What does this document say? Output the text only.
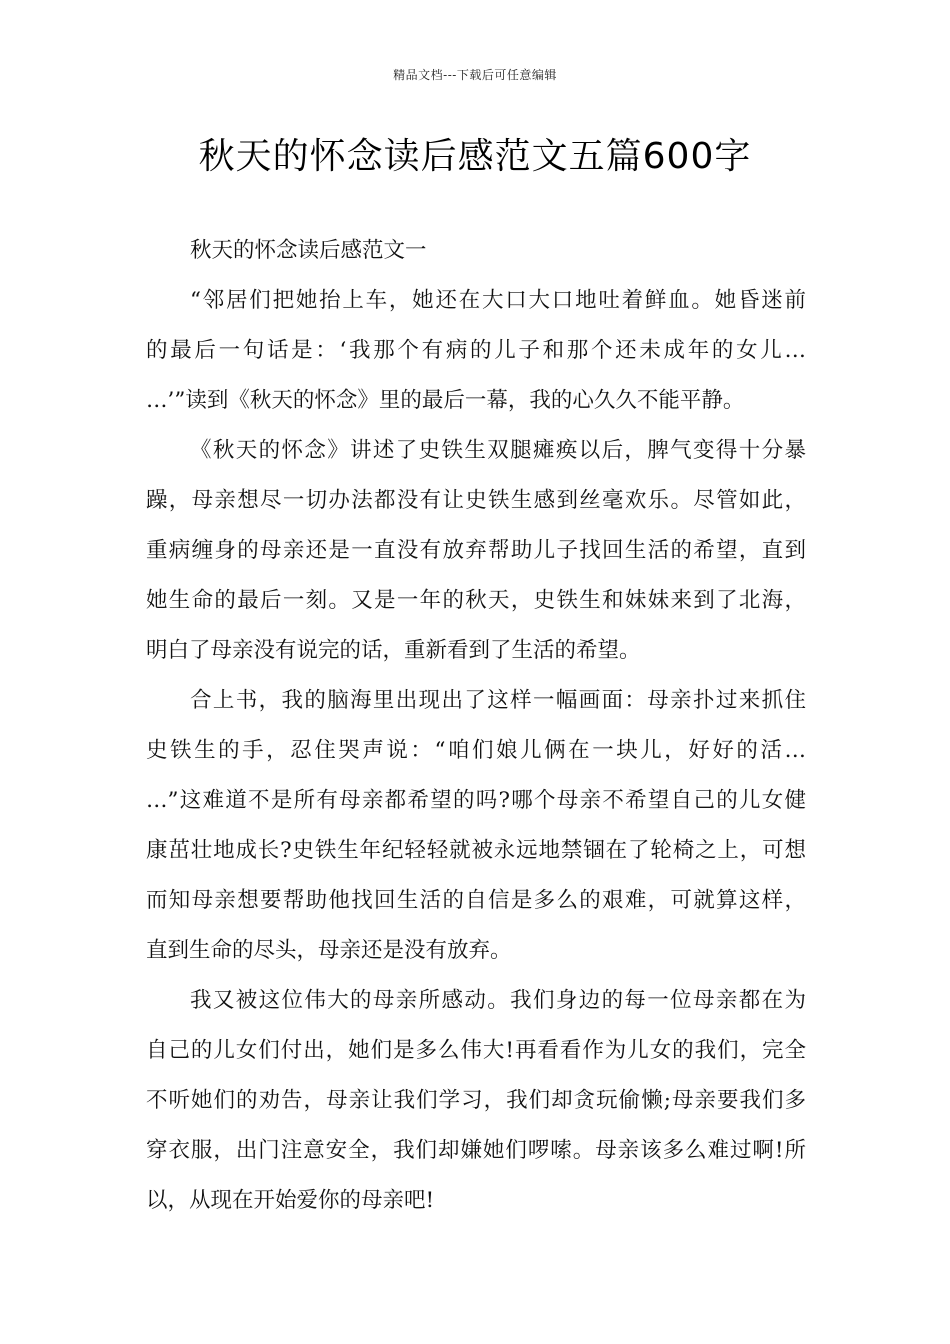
精品文档---下载后可任意编辑
秋天的怀念读后感范文五篇600字

秋天的怀念读后感范文一

“邻居们把她抬上车，她还在大口大口地吐着鲜血。她昏迷前
的最后一句话是：‘我那个有病的儿子和那个还未成年的女儿…
…’”读到《秋天的怀念》里的最后一幕，我的心久久不能平静。

《秋天的怀念》讲述了史铁生双腿瘫痪以后，脾气变得十分暴
躁，母亲想尽一切办法都没有让史铁生感到丝毫欢乐。尽管如此，
重病缠身的母亲还是一直没有放弃帮助儿子找回生活的希望，直到
她生命的最后一刻。又是一年的秋天，史铁生和妹妹来到了北海，
明白了母亲没有说完的话，重新看到了生活的希望。

合上书，我的脑海里出现出了这样一幅画面：母亲扑过来抓住
史铁生的手，忍住哭声说：“咱们娘儿俩在一块儿，好好的活…
…”这难道不是所有母亲都希望的吗?哪个母亲不希望自己的儿女健
康茁壮地成长?史铁生年纪轻轻就被永远地禁锢在了轮椅之上，可想
而知母亲想要帮助他找回生活的自信是多么的艰难，可就算这样，
直到生命的尽头，母亲还是没有放弃。

我又被这位伟大的母亲所感动。我们身边的每一位母亲都在为
自己的儿女们付出，她们是多么伟大!再看看作为儿女的我们，完全
不听她们的劝告，母亲让我们学习，我们却贪玩偷懒;母亲要我们多
穿衣服，出门注意安全，我们却嫌她们啰嗦。母亲该多么难过啊!所
以，从现在开始爱你的母亲吧!
